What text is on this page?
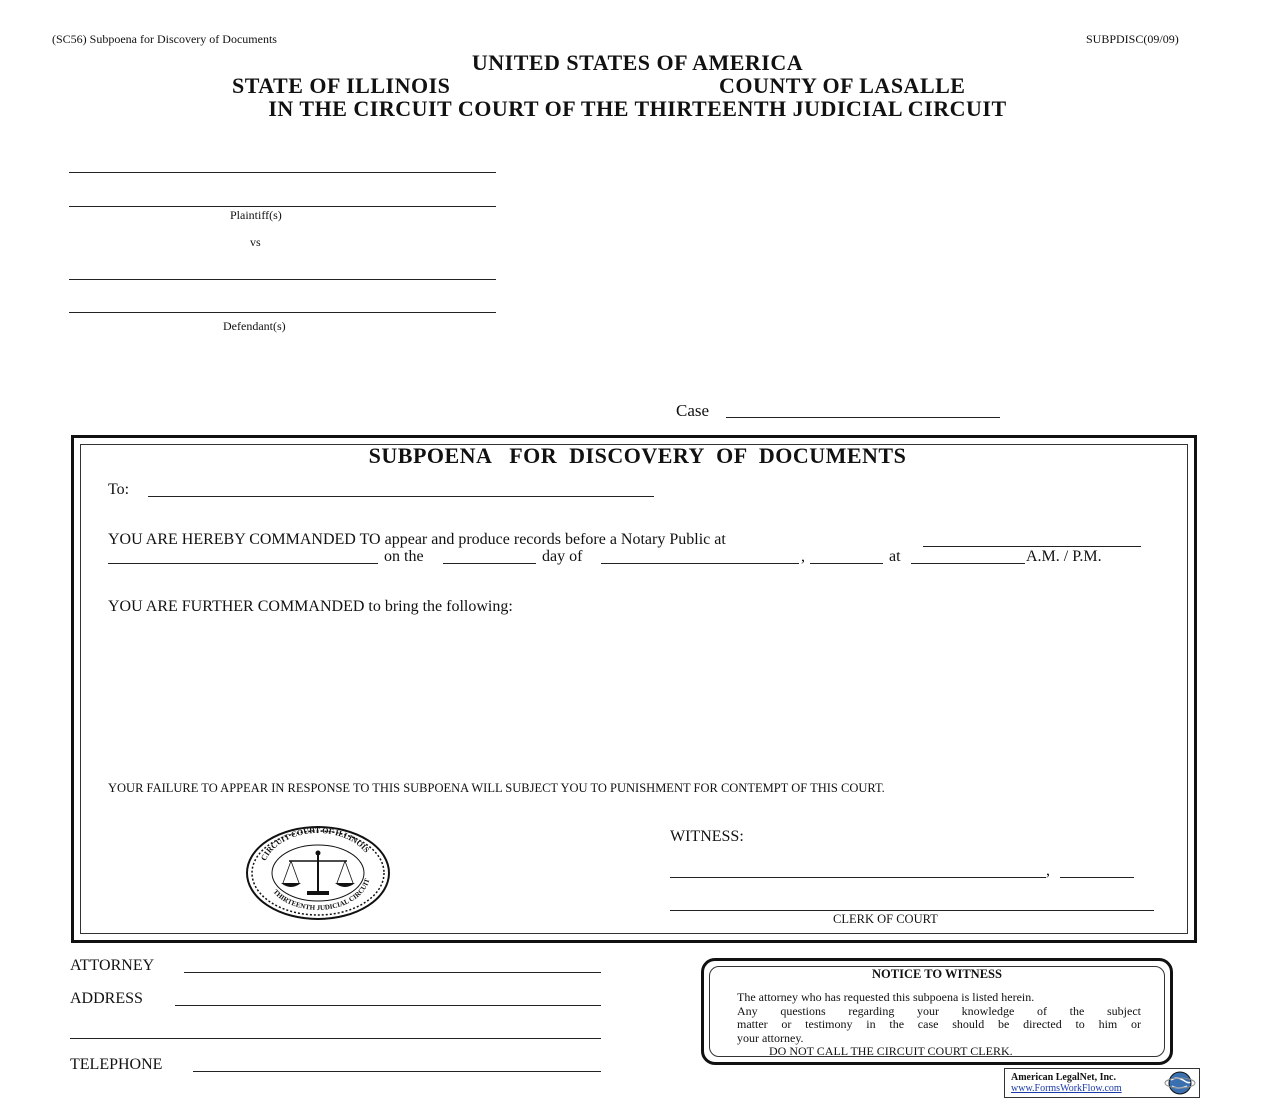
(SC56) Subpoena for Discovery of Documents	SUBPDISC(09/09)
UNITED STATES OF AMERICA
STATE OF ILLINOIS	COUNTY OF LASALLE
IN THE CIRCUIT COURT OF THE THIRTEENTH JUDICIAL CIRCUIT
Plaintiff(s)
vs
Defendant(s)
Case
SUBPOENA   FOR  DISCOVERY  OF  DOCUMENTS
To:
YOU ARE HEREBY COMMANDED TO appear and produce records before a Notary Public at
on the	day of	,	at	A.M. / P.M.
YOU ARE FURTHER COMMANDED to bring the following:
YOUR FAILURE TO APPEAR IN RESPONSE TO THIS SUBPOENA WILL SUBJECT YOU TO PUNISHMENT FOR CONTEMPT OF THIS COURT.
CIRCUIT COURT OF ILLINOIS
THIRTEENTH JUDICIAL CIRCUIT
WITNESS:
,
CLERK OF COURT
ATTORNEY
ADDRESS
TELEPHONE
NOTICE TO WITNESS
The attorney who has requested this subpoena is listed herein.
Any questions regarding your knowledge of the subject
matter or testimony in the case should be directed to him or
your attorney.
DO NOT CALL THE CIRCUIT COURT CLERK.
American LegalNet, Inc.
www.FormsWorkFlow.com
